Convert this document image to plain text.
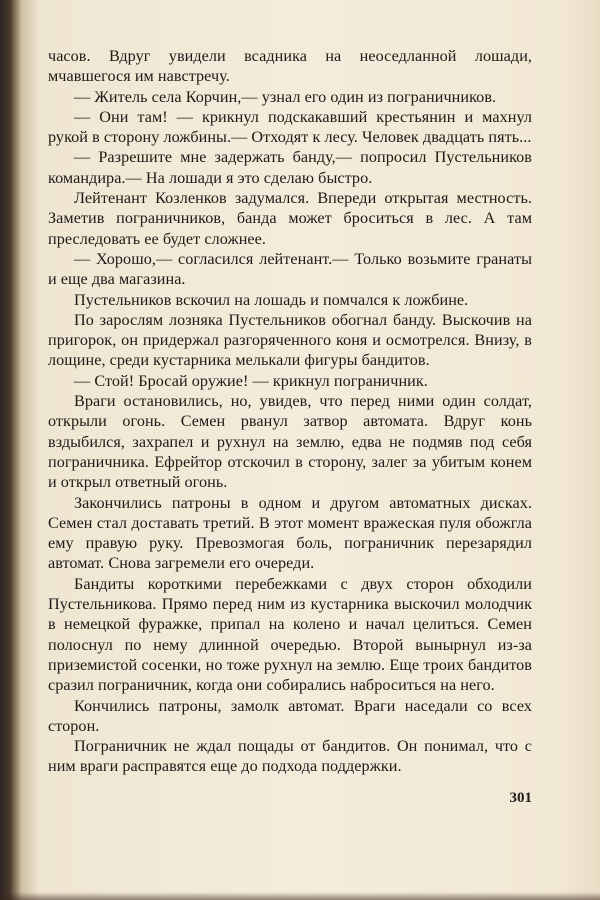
часов. Вдруг увидели всадника на неоседланной лошади, мчавшегося им навстречу.

— Житель села Корчин,— узнал его один из пограничников.

— Они там! — крикнул подскакавший крестьянин и махнул рукой в сторону ложбины.— Отходят к лесу. Человек двадцать пять...

— Разрешите мне задержать банду,— попросил Пустельников командира.— На лошади я это сделаю быстро.

Лейтенант Козленков задумался. Впереди открытая местность. Заметив пограничников, банда может броситься в лес. А там преследовать ее будет сложнее.

— Хорошо,— согласился лейтенант.— Только возьмите гранаты и еще два магазина.

Пустельников вскочил на лошадь и помчался к ложбине.

По зарослям лозняка Пустельников обогнал банду. Выскочив на пригорок, он придержал разгоряченного коня и осмотрелся. Внизу, в лощине, среди кустарника мелькали фигуры бандитов.

— Стой! Бросай оружие! — крикнул пограничник.

Враги остановились, но, увидев, что перед ними один солдат, открыли огонь. Семен рванул затвор автомата. Вдруг конь вздыбился, захрапел и рухнул на землю, едва не подмяв под себя пограничника. Ефрейтор отскочил в сторону, залег за убитым конем и открыл ответный огонь.

Закончились патроны в одном и другом автоматных дисках. Семен стал доставать третий. В этот момент вражеская пуля обожгла ему правую руку. Превозмогая боль, пограничник перезарядил автомат. Снова загремели его очереди.

Бандиты короткими перебежками с двух сторон обходили Пустельникова. Прямо перед ним из кустарника выскочил молодчик в немецкой фуражке, припал на колено и начал целиться. Семен полоснул по нему длинной очередью. Второй вынырнул из-за приземистой сосенки, но тоже рухнул на землю. Еще троих бандитов сразил пограничник, когда они собирались наброситься на него.

Кончились патроны, замолк автомат. Враги наседали со всех сторон.

Пограничник не ждал пощады от бандитов. Он понимал, что с ним враги расправятся еще до подхода поддержки.

301
